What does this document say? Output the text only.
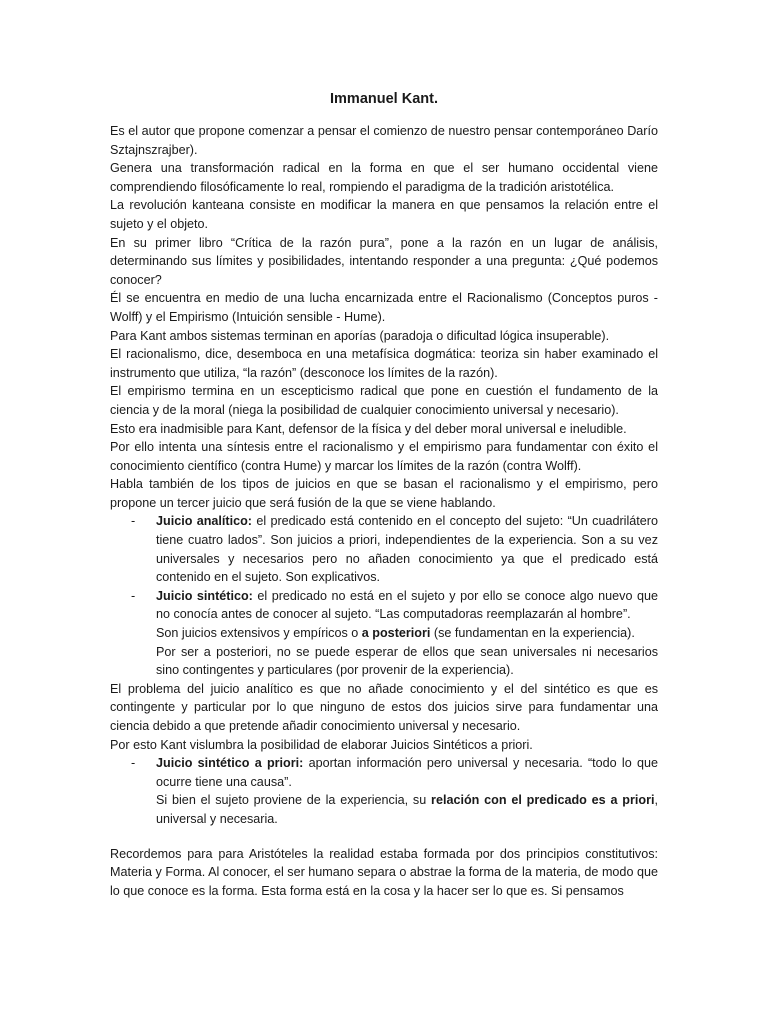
Immanuel Kant.

Es el autor que propone comenzar a pensar el comienzo de nuestro pensar contemporáneo Darío Sztajnszrajber).

Genera una transformación radical en la forma en que el ser humano occidental viene comprendiendo filosóficamente lo real, rompiendo el paradigma de la tradición aristotélica.

La revolución kanteana consiste en modificar la manera en que pensamos la relación entre el sujeto y el objeto.

En su primer libro “Crítica de la razón pura”, pone a la razón en un lugar de análisis, determinando sus límites y posibilidades, intentando responder a una pregunta: ¿Qué podemos conocer?

Él se encuentra en medio de una lucha encarnizada entre el Racionalismo (Conceptos puros - Wolff) y el Empirismo (Intuición sensible - Hume).

Para Kant ambos sistemas terminan en aporías (paradoja o dificultad lógica insuperable).

El racionalismo, dice, desemboca en una metafísica dogmática: teoriza sin haber examinado el instrumento que utiliza, “la razón” (desconoce los límites de la razón).

El empirismo termina en un escepticismo radical que pone en cuestión el fundamento de la ciencia y de la moral (niega la posibilidad de cualquier conocimiento universal y necesario).

Esto era inadmisible para Kant, defensor de la física y del deber moral universal e ineludible.

Por ello intenta una síntesis entre el racionalismo y el empirismo para fundamentar con éxito el conocimiento científico (contra Hume) y marcar los límites de la razón (contra Wolff).

Habla también de los tipos de juicios en que se basan el racionalismo y el empirismo, pero propone un tercer juicio que será fusión de la que se viene hablando.

-

Juicio analítico: el predicado está contenido en el concepto del sujeto: “Un cuadrilátero tiene cuatro lados”. Son juicios a priori, independientes de la experiencia. Son a su vez universales y necesarios pero no añaden conocimiento ya que el predicado está contenido en el sujeto. Son explicativos.

-

Juicio sintético: el predicado no está en el sujeto y por ello se conoce algo nuevo que no conocía antes de conocer al sujeto. “Las computadoras reemplazarán al hombre”.

Son juicios extensivos y empíricos o a posteriori (se fundamentan en la experiencia).

Por ser a posteriori, no se puede esperar de ellos que sean universales ni necesarios sino contingentes y particulares (por provenir de la experiencia).

El problema del juicio analítico es que no añade conocimiento y el del sintético es que es contingente y particular por lo que ninguno de estos dos juicios sirve para fundamentar una ciencia debido a que pretende añadir conocimiento universal y necesario.

Por esto Kant vislumbra la posibilidad de elaborar Juicios Sintéticos a priori.

-

Juicio sintético a priori: aportan información pero universal y necesaria. “todo lo que ocurre tiene una causa”.

Si bien el sujeto proviene de la experiencia, su relación con el predicado es a priori, universal y necesaria.

Recordemos para para Aristóteles la realidad estaba formada por dos principios constitutivos: Materia y Forma. Al conocer, el ser humano separa o abstrae la forma de la materia, de modo que lo que conoce es la forma. Esta forma está en la cosa y la hacer ser lo que es. Si pensamos
